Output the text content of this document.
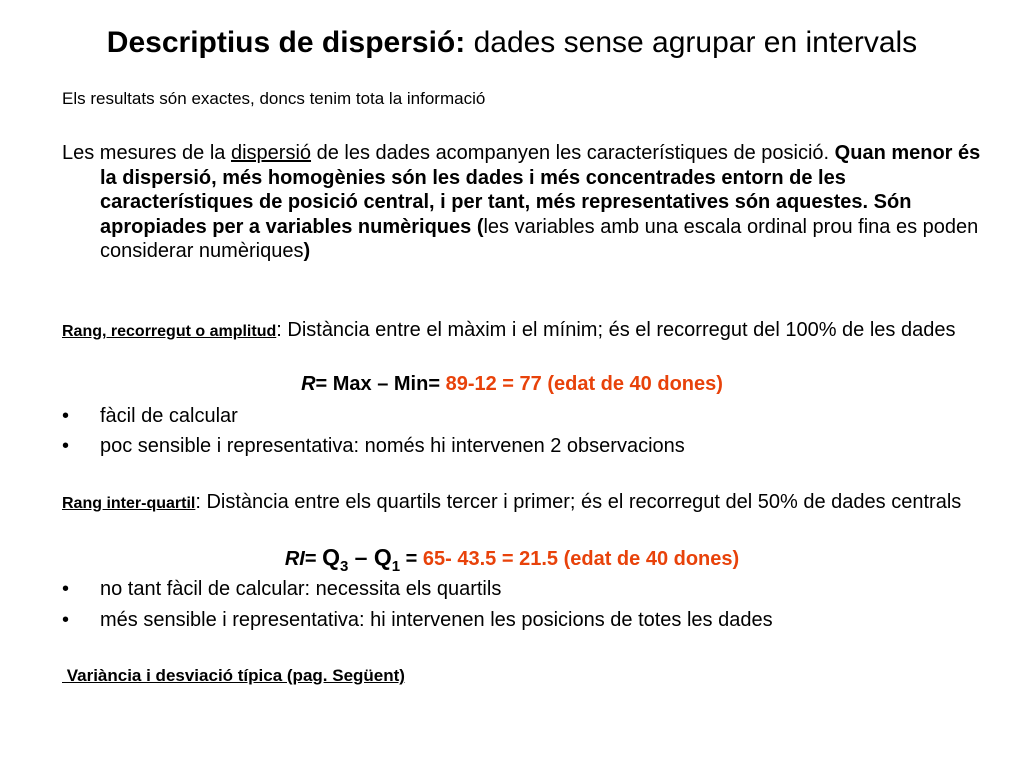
Descriptius de dispersió: dades sense agrupar en intervals
Els resultats són exactes, doncs tenim tota la informació
Les mesures de la dispersió de les dades acompanyen les característiques de posició. Quan menor és la dispersió, més homogènies són les dades i més concentrades entorn de les característiques de posició central, i per tant, més representatives són aquestes. Són apropiades per a variables numèriques (les variables amb una escala ordinal prou fina es poden considerar numèriques)
Rang, recorregut o amplitud: Distància entre el màxim i el mínim; és el recorregut del 100% de les dades
R= Max – Min= 89-12 = 77 (edat de 40 dones)
• fàcil de calcular
• poc sensible i representativa: només hi intervenen 2 observacions
Rang inter-quartil: Distància entre els quartils tercer i primer; és el recorregut del 50% de dades centrals
$RI= Q_3 - Q_1 = 65-$ 43.5 = 21.5 (edat de 40 dones)
• no tant fàcil de calcular: necessita els quartils
• més sensible i representativa: hi intervenen les posicions de totes les dades
Variància i desviació típica (pag. Següent)
